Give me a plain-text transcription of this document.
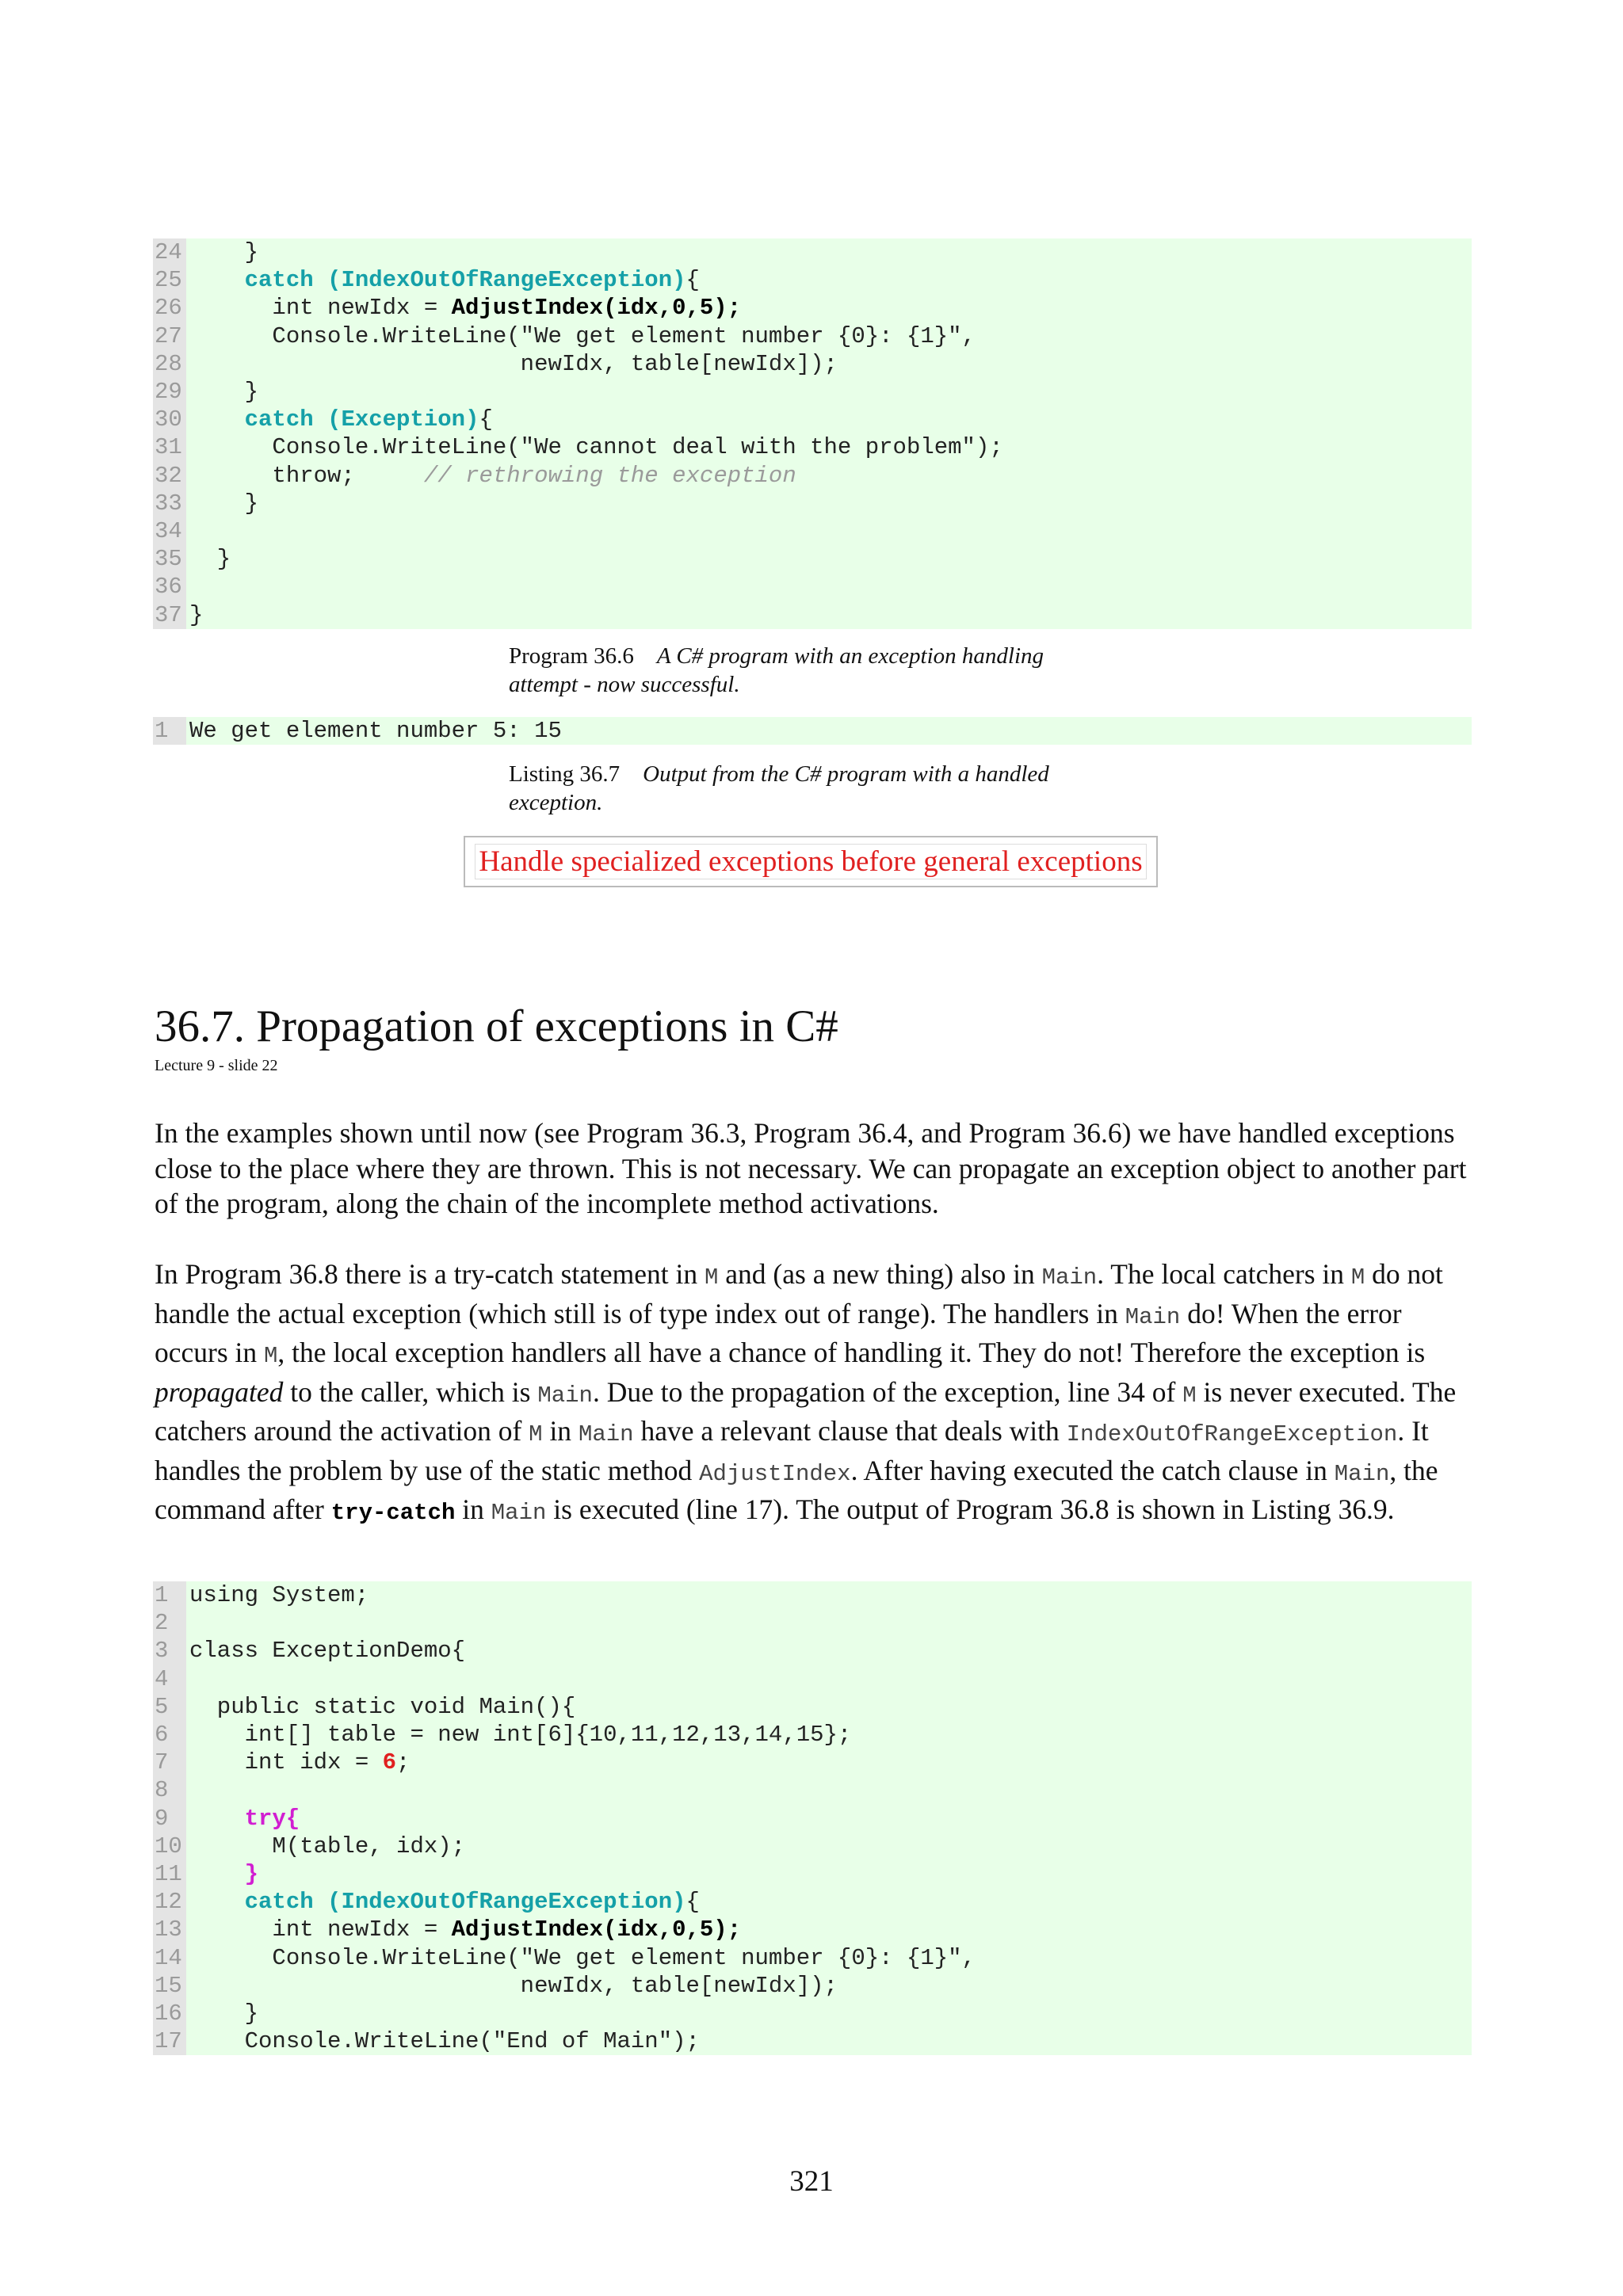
24 }
25	catch (IndexOutOfRangeException){
26 int newIdx = AdjustIndex(idx,0,5);
27 Console.WriteLine("We get element number {0}: {1}",
28 newIdx, table[newIdx]);
29 }
30	catch (Exception){
31 Console.WriteLine("We cannot deal with the problem");
32 throw;     // rethrowing the exception
33 }
34
35 }
36
37 }
Program 36.6 A C# program with an exception handling attempt - now successful.
1 We get element number 5: 15
Listing 36.7 Output from the C# program with a handled exception.
Handle specialized exceptions before general exceptions
36.7. Propagation of exceptions in C#
Lecture 9 - slide 22
In the examples shown until now (see Program 36.3, Program 36.4, and Program 36.6) we have handled exceptions close to the place where they are thrown. This is not necessary. We can propagate an exception object to another part of the program, along the chain of the incomplete method activations.
In Program 36.8 there is a try-catch statement in M and (as a new thing) also in Main. The local catchers in M do not handle the actual exception (which still is of type index out of range). The handlers in Main do! When the error occurs in M, the local exception handlers all have a chance of handling it. They do not! Therefore the exception is propagated to the caller, which is Main. Due to the propagation of the exception, line 34 of M is never executed. The catchers around the activation of M in Main have a relevant clause that deals with IndexOutOfRangeException. It handles the problem by use of the static method AdjustIndex. After having executed the catch clause in Main, the command after try-catch in Main is executed (line 17). The output of Program 36.8 is shown in Listing 36.9.
1 using System;
2
3 class ExceptionDemo{
4
5 public static void Main(){
6 int[] table = new int[6]{10,11,12,13,14,15};
7 int idx = 6;
8
9	try{
10 M(table, idx);
11	}
12	catch (IndexOutOfRangeException){
13 int newIdx = AdjustIndex(idx,0,5);
14 Console.WriteLine("We get element number {0}: {1}",
15 newIdx, table[newIdx]);
16 }
17 Console.WriteLine("End of Main");
321
